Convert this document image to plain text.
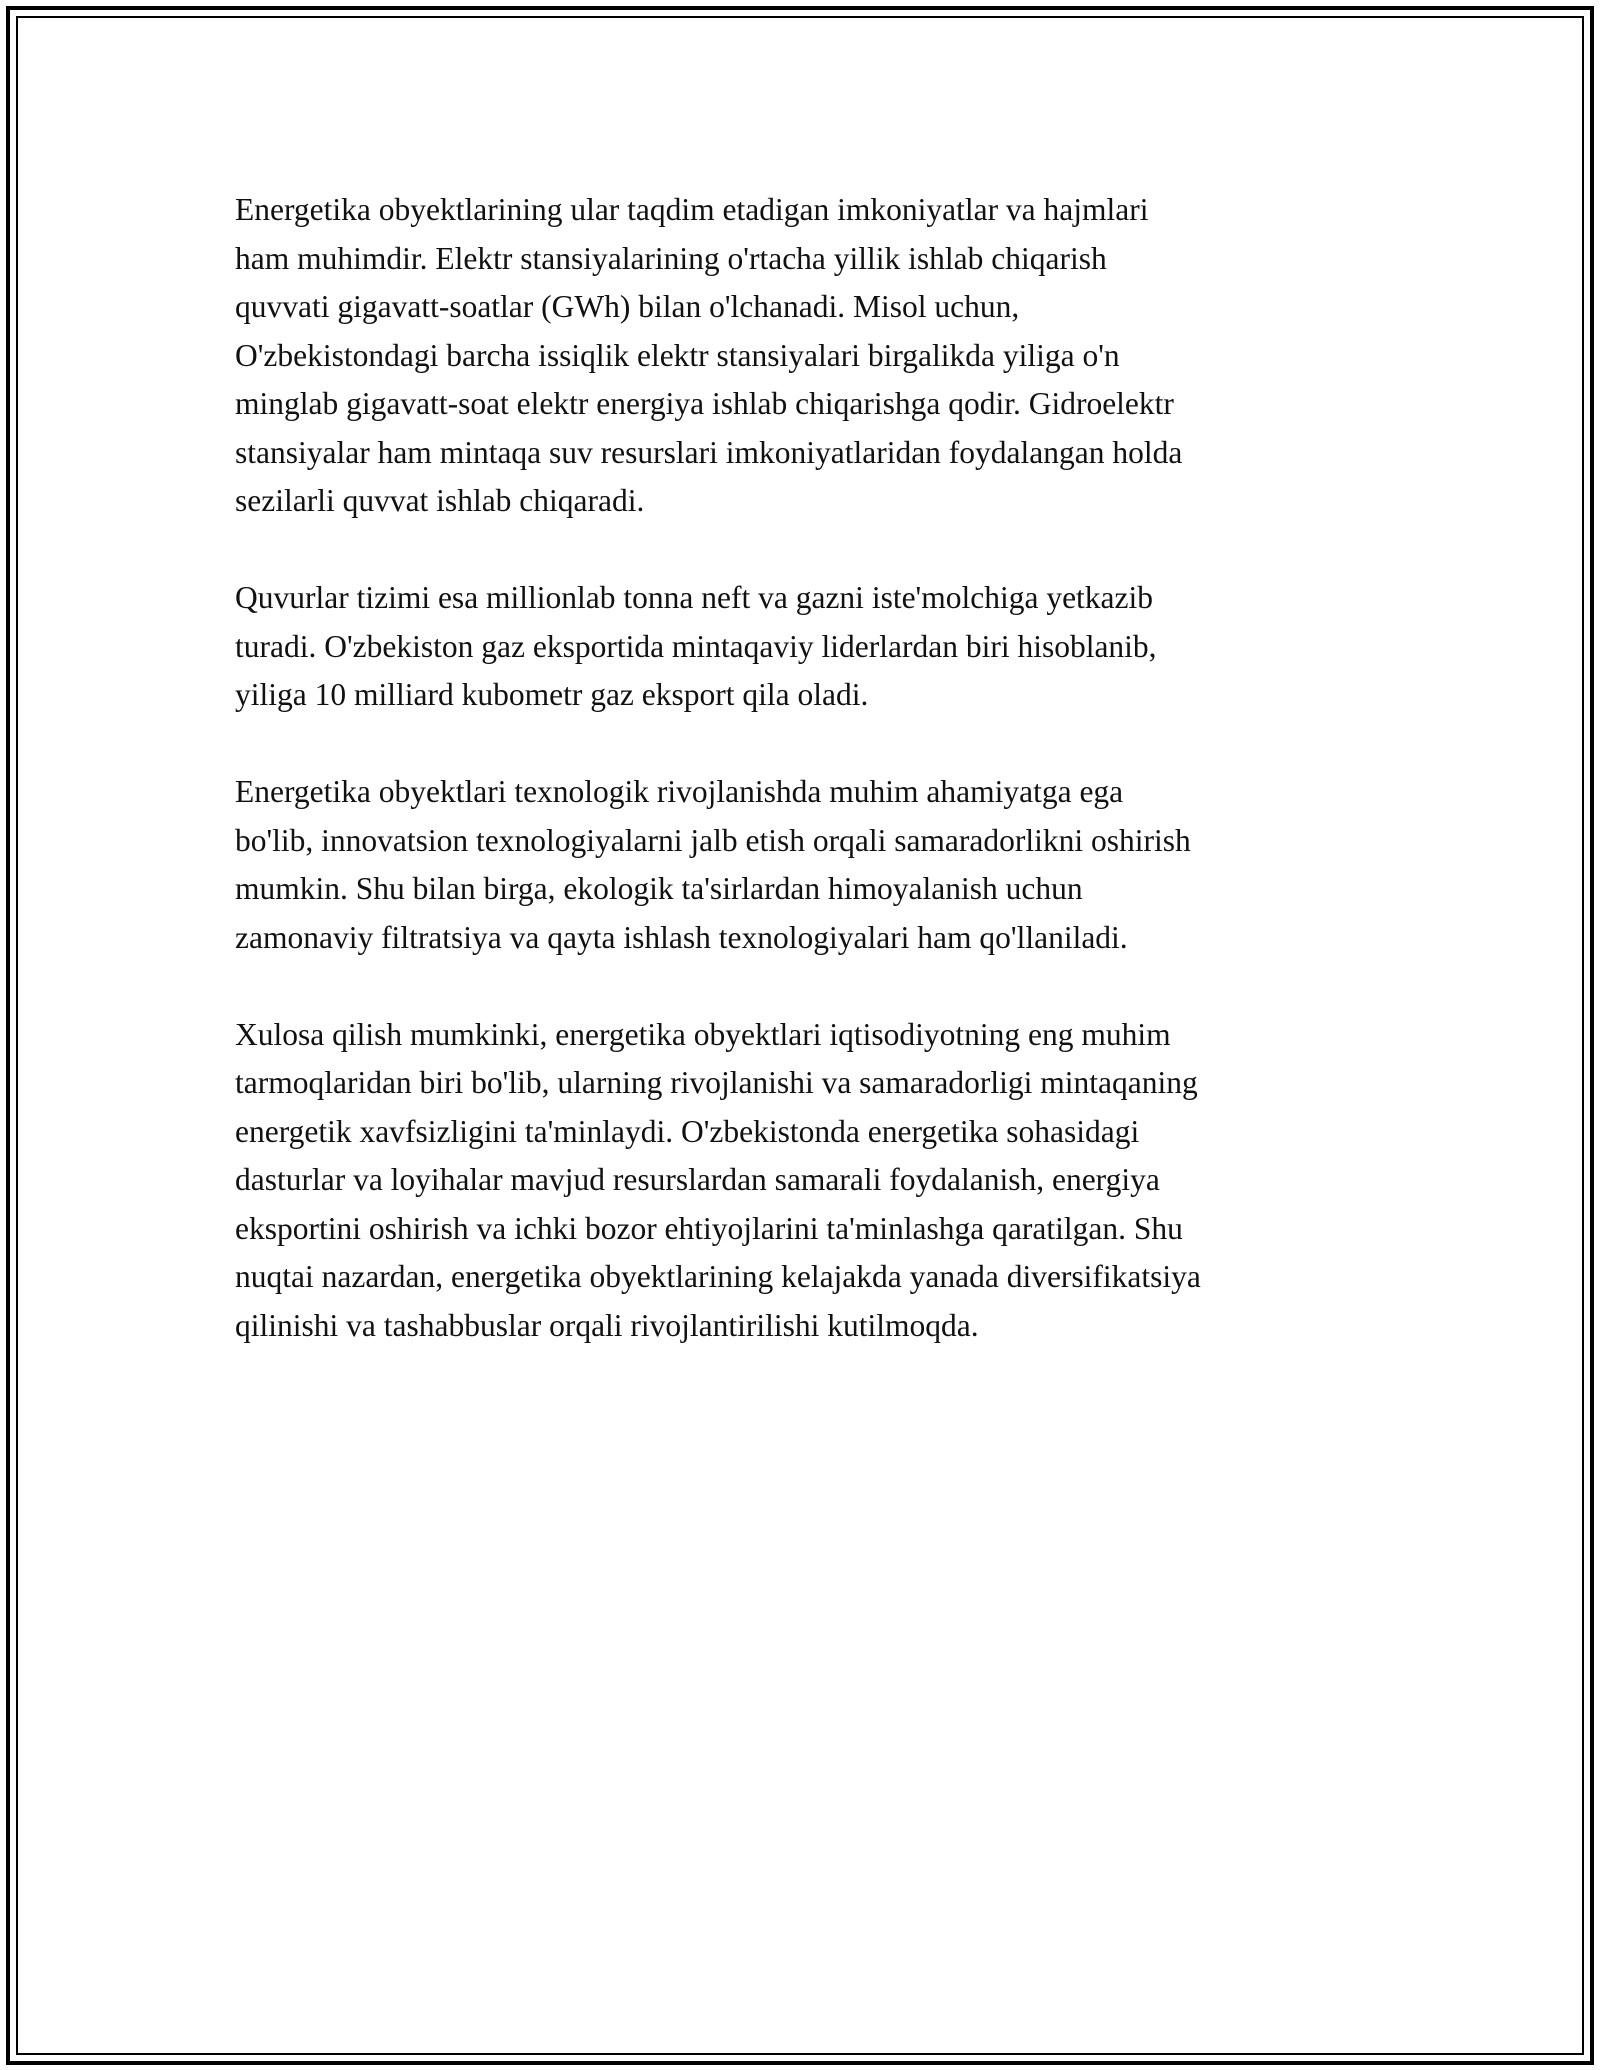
Energetika obyektlarining ular taqdim etadigan imkoniyatlar va hajmlari
ham muhimdir. Elektr stansiyalarining o'rtacha yillik ishlab chiqarish
quvvati gigavatt-soatlar (GWh) bilan o'lchanadi. Misol uchun,
O'zbekistondagi barcha issiqlik elektr stansiyalari birgalikda yiliga o'n
minglab gigavatt-soat elektr energiya ishlab chiqarishga qodir. Gidroelektr
stansiyalar ham mintaqa suv resurslari imkoniyatlaridan foydalangan holda
sezilarli quvvat ishlab chiqaradi.

Quvurlar tizimi esa millionlab tonna neft va gazni iste'molchiga yetkazib
turadi. O'zbekiston gaz eksportida mintaqaviy liderlardan biri hisoblanib,
yiliga 10 milliard kubometr gaz eksport qila oladi.

Energetika obyektlari texnologik rivojlanishda muhim ahamiyatga ega
bo'lib, innovatsion texnologiyalarni jalb etish orqali samaradorlikni oshirish
mumkin. Shu bilan birga, ekologik ta'sirlardan himoyalanish uchun
zamonaviy filtratsiya va qayta ishlash texnologiyalari ham qo'llaniladi.

Xulosa qilish mumkinki, energetika obyektlari iqtisodiyotning eng muhim
tarmoqlaridan biri bo'lib, ularning rivojlanishi va samaradorligi mintaqaning
energetik xavfsizligini ta'minlaydi. O'zbekistonda energetika sohasidagi
dasturlar va loyihalar mavjud resurslardan samarali foydalanish, energiya
eksportini oshirish va ichki bozor ehtiyojlarini ta'minlashga qaratilgan. Shu
nuqtai nazardan, energetika obyektlarining kelajakda yanada diversifikatsiya
qilinishi va tashabbuslar orqali rivojlantirilishi kutilmoqda.
